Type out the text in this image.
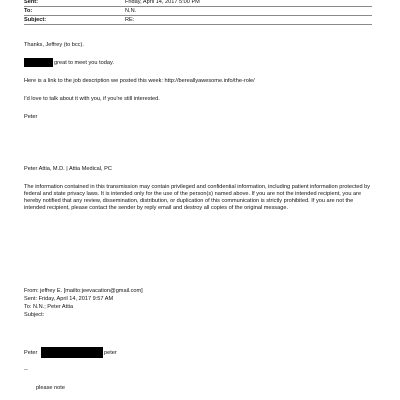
Sent:	Friday, April 14, 2017 5:00 PM
To:	N.N.
Subject:	RE:
Thanks, Jeffrey (to bcc).
great to meet you today.
Here is a link to the job description we posted this week: http://bereallyawesome.info/the-role/
I'd love to talk about it with you, if you're still interested.
Peter
Peter Attia, M.D. | Attia Medical, PC
The information contained in this transmission may contain privileged and confidential information, including patient information protected by federal and state privacy laws. It is intended only for the use of the person(s) named above. If you are not the intended recipient, you are hereby notified that any review, dissemination, distribution, or duplication of this communication is strictly prohibited. If you are not the intended recipient, please contact the sender by reply email and destroy all copies of the original message.
From: jeffrey E. [mailto:jeevacation@gmail.com]
Sent: Friday, April 14, 2017 9:57 AM
To: N.N.; Peter Attia
Subject:
Peter	peter
--
please note
